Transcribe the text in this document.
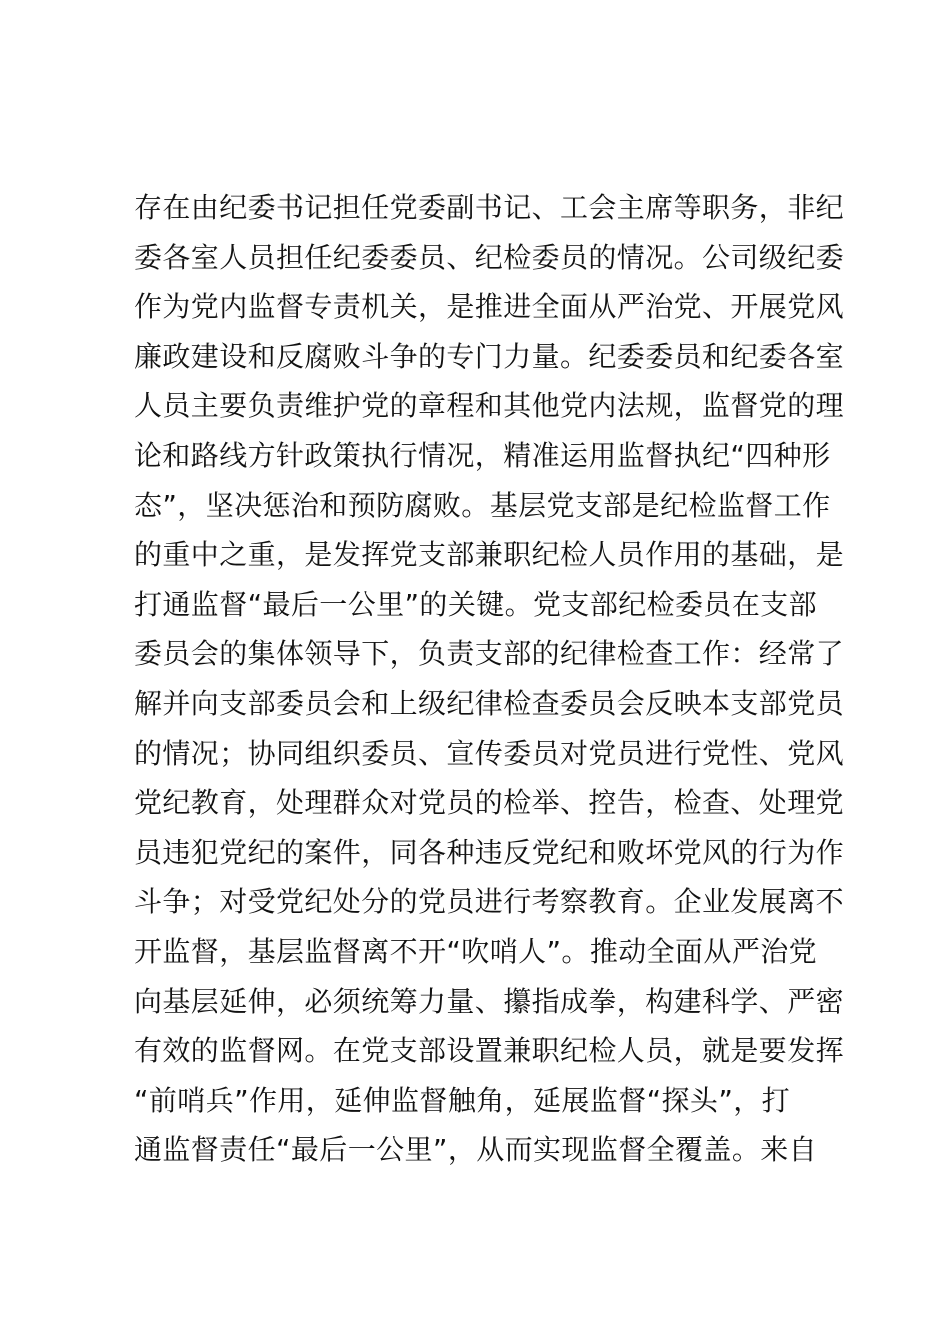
存在由纪委书记担任党委副书记、工会主席等职务，非纪
委各室人员担任纪委委员、纪检委员的情况。公司级纪委
作为党内监督专责机关，是推进全面从严治党、开展党风
廉政建设和反腐败斗争的专门力量。纪委委员和纪委各室
人员主要负责维护党的章程和其他党内法规，监督党的理
论和路线方针政策执行情况，精准运用监督执纪“四种形
态”，坚决惩治和预防腐败。基层党支部是纪检监督工作
的重中之重，是发挥党支部兼职纪检人员作用的基础，是
打通监督“最后一公里”的关键。党支部纪检委员在支部
委员会的集体领导下，负责支部的纪律检查工作：经常了
解并向支部委员会和上级纪律检查委员会反映本支部党员
的情况；协同组织委员、宣传委员对党员进行党性、党风
党纪教育，处理群众对党员的检举、控告，检查、处理党
员违犯党纪的案件，同各种违反党纪和败坏党风的行为作
斗争；对受党纪处分的党员进行考察教育。企业发展离不
开监督，基层监督离不开“吹哨人”。推动全面从严治党
向基层延伸，必须统筹力量、攥指成拳，构建科学、严密
有效的监督网。在党支部设置兼职纪检人员，就是要发挥
“前哨兵”作用，延伸监督触角，延展监督“探头”，打
通监督责任“最后一公里”，从而实现监督全覆盖。来自
